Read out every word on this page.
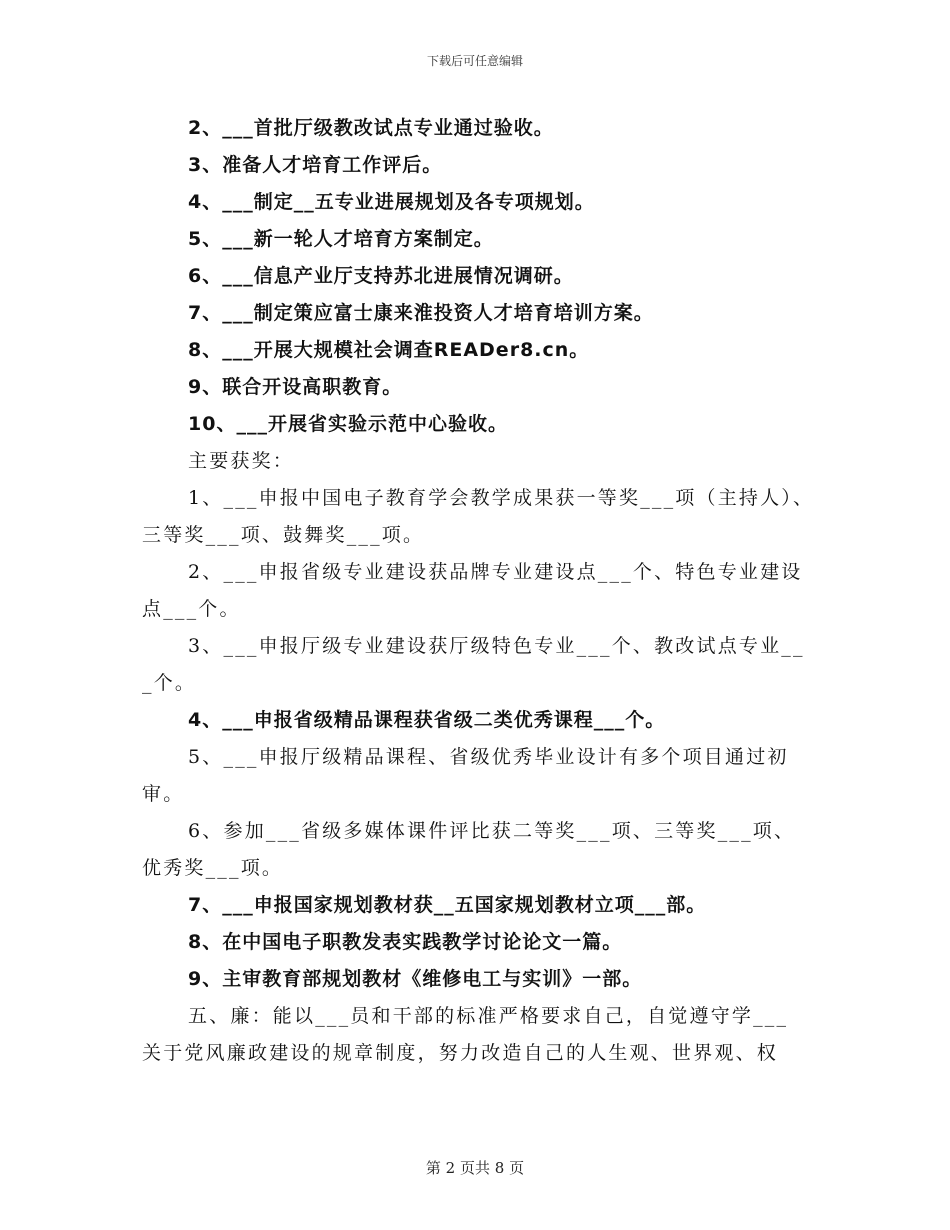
下载后可任意编辑
2、___首批厅级教改试点专业通过验收。
3、准备人才培育工作评后。
4、___制定__五专业进展规划及各专项规划。
5、___新一轮人才培育方案制定。
6、___信息产业厅支持苏北进展情况调研。
7、___制定策应富士康来淮投资人才培育培训方案。
8、___开展大规模社会调查READer8.cn。
9、联合开设高职教育。
10、___开展省实验示范中心验收。
主要获奖：
1、___申报中国电子教育学会教学成果获一等奖___项（主持人）、
三等奖___项、鼓舞奖___项。
2、___申报省级专业建设获品牌专业建设点___个、特色专业建设
点___个。
3、___申报厅级专业建设获厅级特色专业___个、教改试点专业__
_个。
4、___申报省级精品课程获省级二类优秀课程___个。
5、___申报厅级精品课程、省级优秀毕业设计有多个项目通过初
审。
6、参加___省级多媒体课件评比获二等奖___项、三等奖___项、
优秀奖___项。
7、___申报国家规划教材获__五国家规划教材立项___部。
8、在中国电子职教发表实践教学讨论论文一篇。
9、主审教育部规划教材《维修电工与实训》一部。
五、廉：能以___员和干部的标准严格要求自己，自觉遵守学___
关于党风廉政建设的规章制度，努力改造自己的人生观、世界观、权
第 2 页共 8 页
